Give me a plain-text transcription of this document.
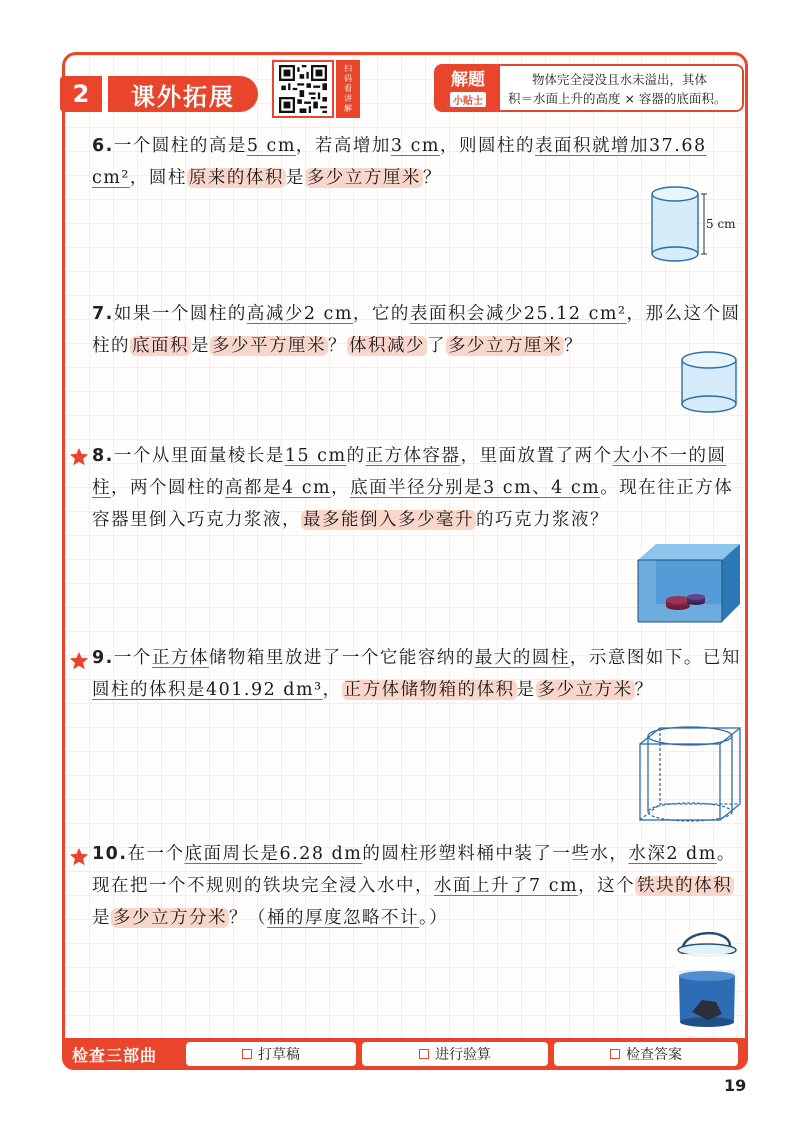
2	课外拓展
扫
码
看
讲
解
解题
小贴士
物体完全浸没且水未溢出，其体
积＝水面上升的高度 × 容器的底面积。
6.一个圆柱的高是5 cm，若高增加3 cm，则圆柱的表面积就增加37.68 cm²，圆柱 原来的体积 是 多少立方厘米 ？
5 cm
7.如果一个圆柱的高减少2 cm，它的表面积会减少25.12 cm²，那么这个圆柱的 底面积 是 多少平方厘米 ？ 体积减少 了 多少立方厘米 ？
8.一个从里面量棱长是15 cm的正方体容器，里面放置了两个大小不一的圆柱，两个圆柱的高都是4 cm，底面半径分别是3 cm、4 cm。现在往正方体容器里倒入巧克力浆液， 最多能倒入多少毫升 的巧克力浆液？
9.一个正方体储物箱里放进了一个它能容纳的最大的圆柱，示意图如下。已知圆柱的体积是401.92 dm³， 正方体储物箱的体积 是 多少立方米 ？
10.在一个底面周长是6.28 dm的圆柱形塑料桶中装了一些水，水深2 dm。现在把一个不规则的铁块完全浸入水中，水面上升了7 cm，这个 铁块的体积是 多少立方分米 ？（桶的厚度忽略不计。）
检查三部曲	打草稿	进行验算	检查答案
19
